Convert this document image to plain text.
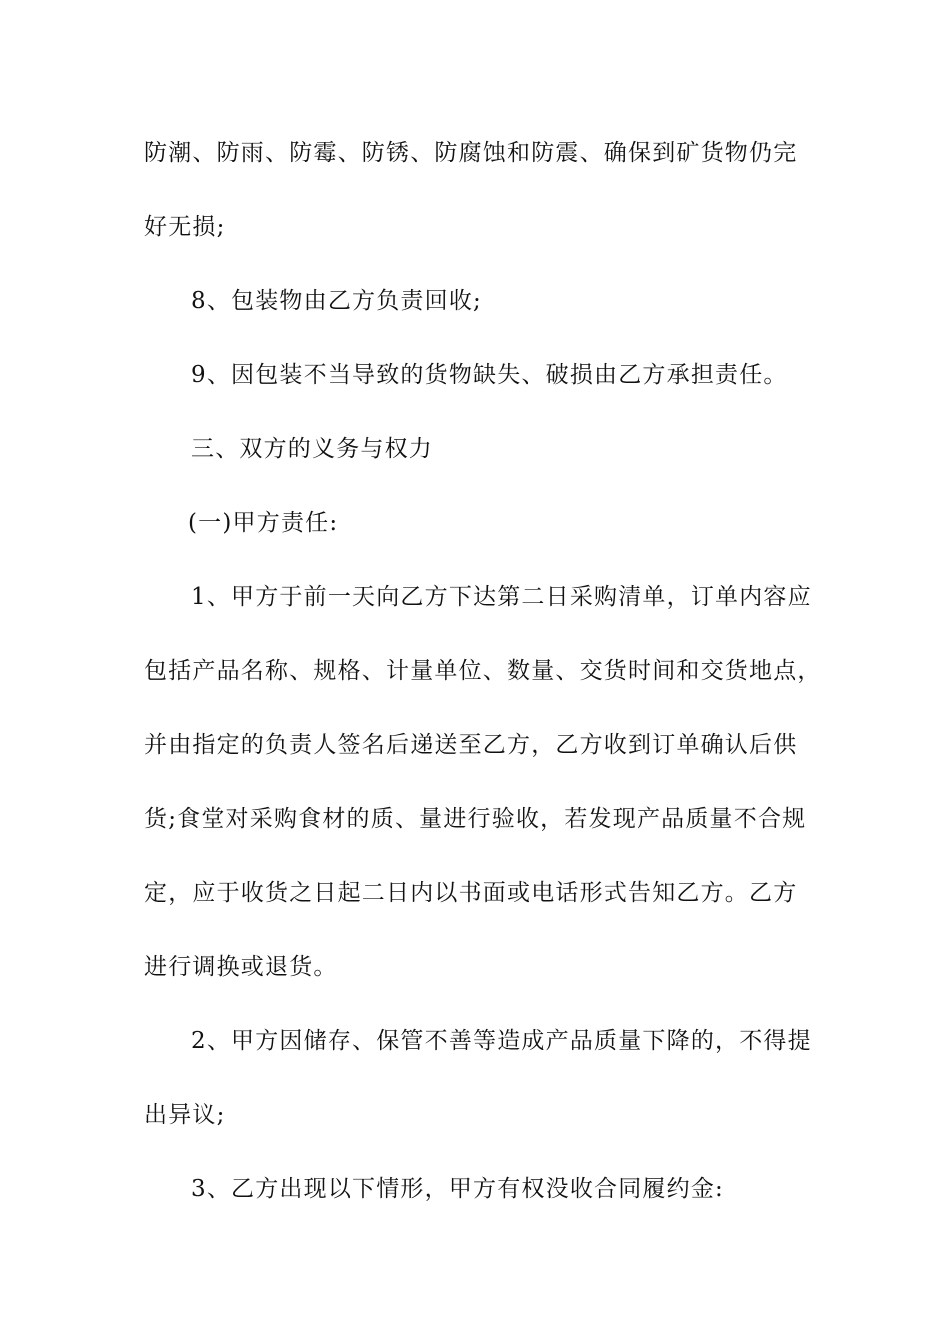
防潮、防雨、防霉、防锈、防腐蚀和防震、确保到矿货物仍完
好无损;
8、包装物由乙方负责回收;
9、因包装不当导致的货物缺失、破损由乙方承担责任。
三、双方的义务与权力
(一)甲方责任:
1、甲方于前一天向乙方下达第二日采购清单，订单内容应
包括产品名称、规格、计量单位、数量、交货时间和交货地点，
并由指定的负责人签名后递送至乙方，乙方收到订单确认后供
货;食堂对采购食材的质、量进行验收，若发现产品质量不合规
定，应于收货之日起二日内以书面或电话形式告知乙方。乙方
进行调换或退货。
2、甲方因储存、保管不善等造成产品质量下降的，不得提
出异议;
3、乙方出现以下情形，甲方有权没收合同履约金:
